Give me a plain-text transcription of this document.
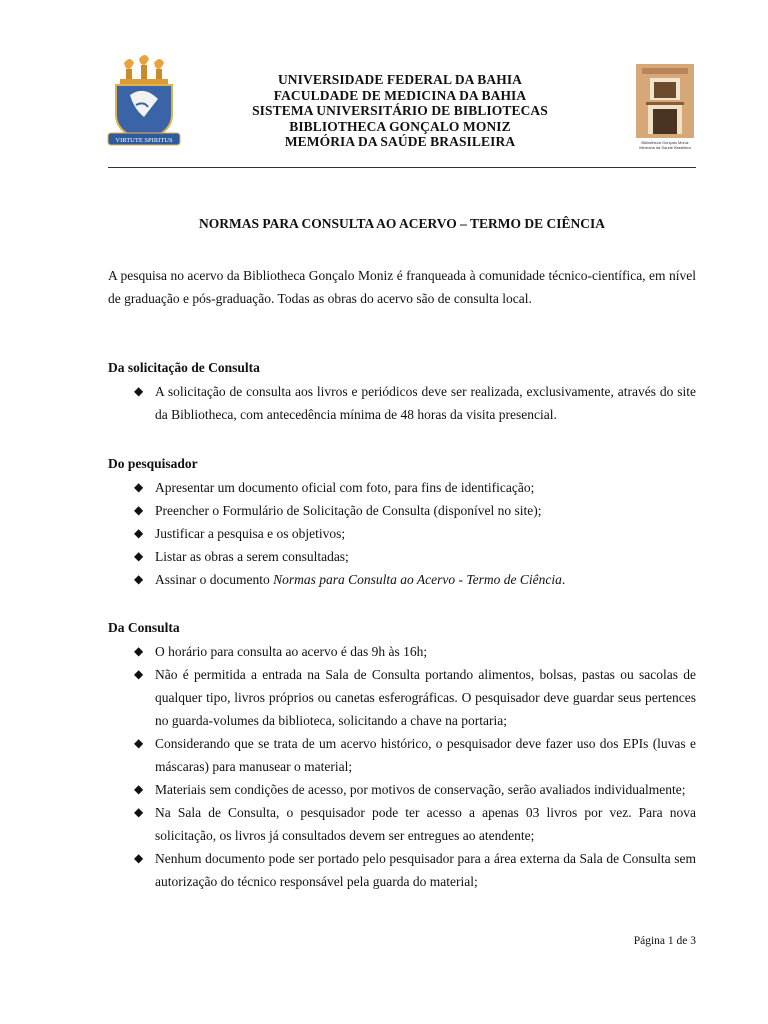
VIRTUTE SPIRITUS
UNIVERSIDADE FEDERAL DA BAHIA
FACULDADE DE MEDICINA DA BAHIA
SISTEMA UNIVERSITÁRIO DE BIBLIOTECAS
BIBLIOTHECA GONÇALO MONIZ
MEMÓRIA DA SAÚDE BRASILEIRA	Bibliotheca Gonçalo Moniz
Memória da Saúde Brasileira
NORMAS PARA CONSULTA AO ACERVO – TERMO DE CIÊNCIA
A pesquisa no acervo da Bibliotheca Gonçalo Moniz é franqueada à comunidade técnico-científica, em nível de graduação e pós-graduação. Todas as obras do acervo são de consulta local.
Da solicitação de Consulta
◆ A solicitação de consulta aos livros e periódicos deve ser realizada, exclusivamente, através do site da Bibliotheca, com antecedência mínima de 48 horas da visita presencial.
Do pesquisador
◆ Apresentar um documento oficial com foto, para fins de identificação;
◆ Preencher o Formulário de Solicitação de Consulta (disponível no site);
◆ Justificar a pesquisa e os objetivos;
◆ Listar as obras a serem consultadas;
◆ Assinar o documento Normas para Consulta ao Acervo - Termo de Ciência.
Da Consulta
◆ O horário para consulta ao acervo é das 9h às 16h;
◆ Não é permitida a entrada na Sala de Consulta portando alimentos, bolsas, pastas ou sacolas de qualquer tipo, livros próprios ou canetas esferográficas. O pesquisador deve guardar seus pertences no guarda-volumes da biblioteca, solicitando a chave na portaria;
◆ Considerando que se trata de um acervo histórico, o pesquisador deve fazer uso dos EPIs (luvas e máscaras) para manusear o material;
◆ Materiais sem condições de acesso, por motivos de conservação, serão avaliados individualmente;
◆ Na Sala de Consulta, o pesquisador pode ter acesso a apenas 03 livros por vez. Para nova solicitação, os livros já consultados devem ser entregues ao atendente;
◆ Nenhum documento pode ser portado pelo pesquisador para a área externa da Sala de Consulta sem autorização do técnico responsável pela guarda do material;
Página 1 de 3
